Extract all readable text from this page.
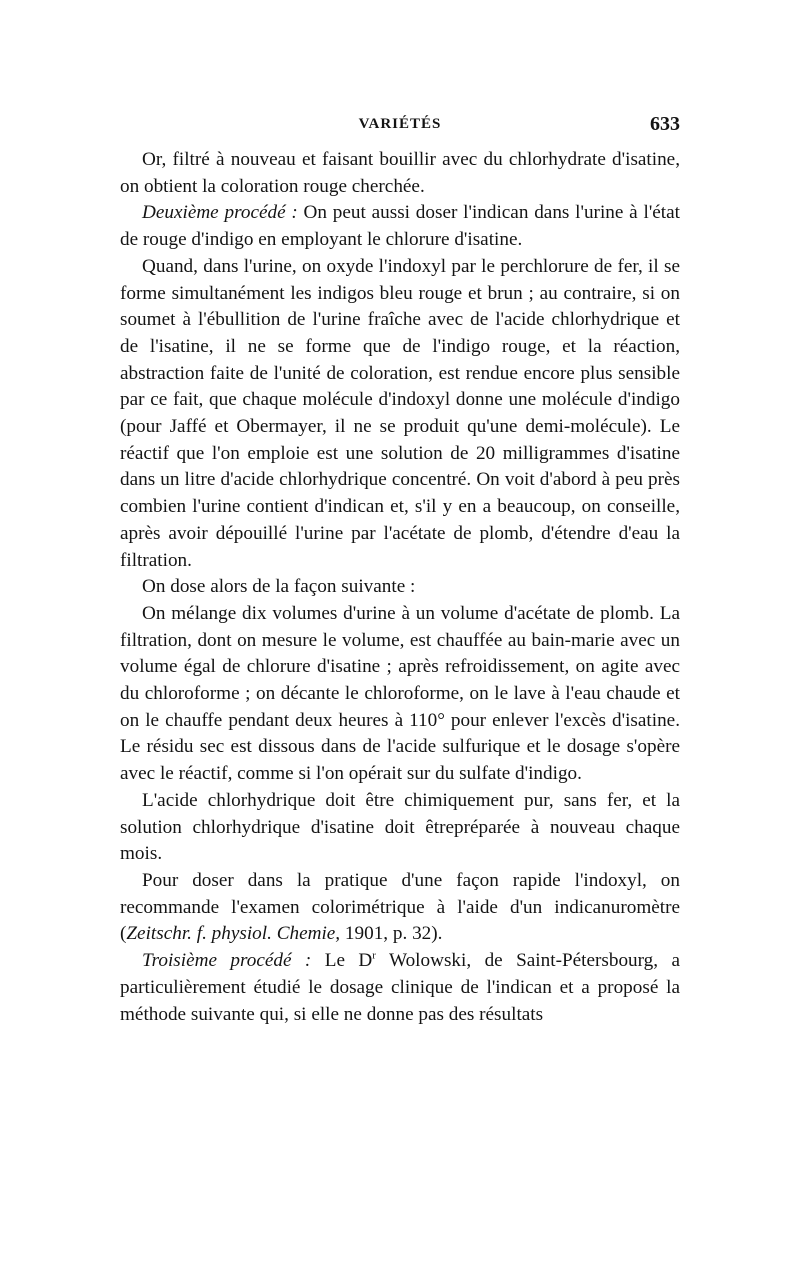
VARIÉTÉS	633

Or, filtré à nouveau et faisant bouillir avec du chlorhydrate d'isatine, on obtient la coloration rouge cherchée.

Deuxième procédé : On peut aussi doser l'indican dans l'urine à l'état de rouge d'indigo en employant le chlorure d'isatine.

Quand, dans l'urine, on oxyde l'indoxyl par le perchlorure de fer, il se forme simultanément les indigos bleu rouge et brun ; au contraire, si on soumet à l'ébullition de l'urine fraîche avec de l'acide chlorhydrique et de l'isatine, il ne se forme que de l'indigo rouge, et la réaction, abstraction faite de l'unité de coloration, est rendue encore plus sensible par ce fait, que chaque molécule d'indoxyl donne une molécule d'indigo (pour Jaffé et Obermayer, il ne se produit qu'une demi-molécule). Le réactif que l'on emploie est une solution de 20 milligrammes d'isatine dans un litre d'acide chlorhydrique concentré. On voit d'abord à peu près combien l'urine contient d'indican et, s'il y en a beaucoup, on conseille, après avoir dépouillé l'urine par l'acétate de plomb, d'étendre d'eau la filtration.

On dose alors de la façon suivante :

On mélange dix volumes d'urine à un volume d'acétate de plomb. La filtration, dont on mesure le volume, est chauffée au bain-marie avec un volume égal de chlorure d'isatine ; après refroidissement, on agite avec du chloroforme ; on décante le chloroforme, on le lave à l'eau chaude et on le chauffe pendant deux heures à 110° pour enlever l'excès d'isatine. Le résidu sec est dissous dans de l'acide sulfurique et le dosage s'opère avec le réactif, comme si l'on opérait sur du sulfate d'indigo.

L'acide chlorhydrique doit être chimiquement pur, sans fer, et la solution chlorhydrique d'isatine doit êtrepréparée à nouveau chaque mois.

Pour doser dans la pratique d'une façon rapide l'indoxyl, on recommande l'examen colorimétrique à l'aide d'un indicanuromètre (Zeitschr. f. physiol. Chemie, 1901, p. 32).

Troisième procédé : Le $D^r$ Wolowski, de Saint-Pétersbourg, a particulièrement étudié le dosage clinique de l'indican et a proposé la méthode suivante qui, si elle ne donne pas des résultats
